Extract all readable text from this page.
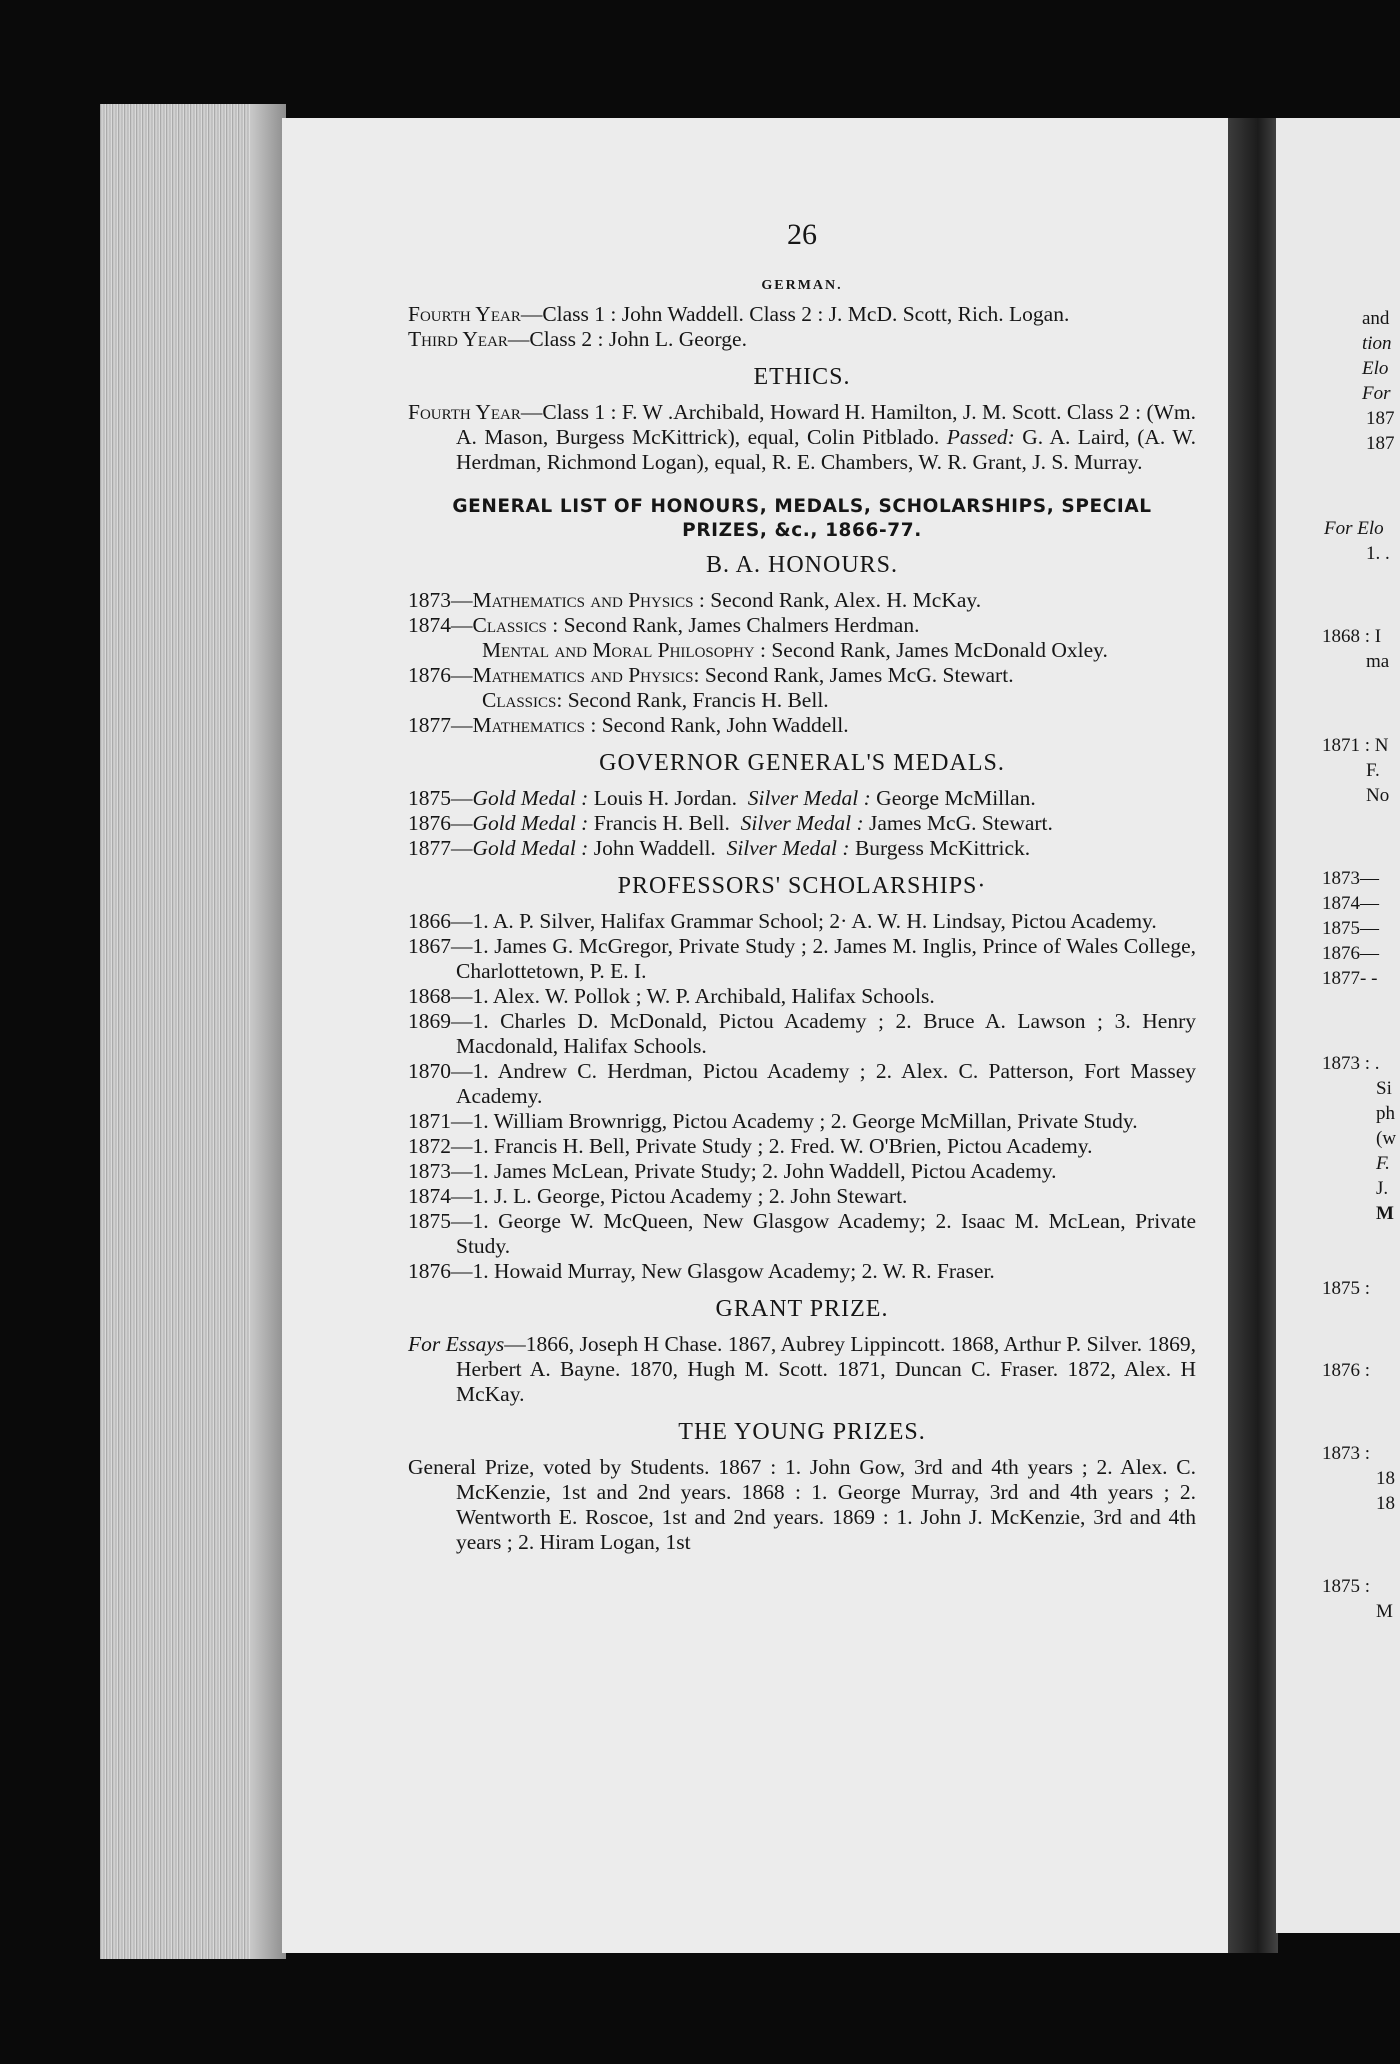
and
tion
Elo
For
187
187
For Elo
1. .
1868 : I
ma
1871 : N
F.
No
1873—
1874—
1875—
1876—
1877- -
1873 : .
Si
ph
(w
F.
J.
M
1875 :
1876 :
1873 :
18
18
1875 :
M
26
GERMAN.

Fourth Year—Class 1 : John Waddell. Class 2 : J. McD. Scott, Rich. Logan.

Third Year—Class 2 : John L. George.

ETHICS.

Fourth Year—Class 1 : F. W .Archibald, Howard H. Hamilton, J. M. Scott. Class 2 : (Wm. A. Mason, Burgess McKittrick), equal, Colin Pitblado. Passed: G. A. Laird, (A. W. Herdman, Richmond Logan), equal, R. E. Chambers, W. R. Grant, J. S. Murray.

GENERAL LIST OF HONOURS, MEDALS, SCHOLARSHIPS, SPECIAL PRIZES, &c., 1866-77.
B. A. HONOURS.

1873—Mathematics and Physics : Second Rank, Alex. H. McKay.

1874—Classics : Second Rank, James Chalmers Herdman.

Mental and Moral Philosophy : Second Rank, James McDonald Oxley.

1876—Mathematics and Physics: Second Rank, James McG. Stewart.

Classics: Second Rank, Francis H. Bell.

1877—Mathematics : Second Rank, John Waddell.

GOVERNOR GENERAL'S MEDALS.

1875—Gold Medal : Louis H. Jordan. Silver Medal : George McMillan.

1876—Gold Medal : Francis H. Bell. Silver Medal : James McG. Stewart.

1877—Gold Medal : John Waddell. Silver Medal : Burgess McKittrick.

PROFESSORS' SCHOLARSHIPS·

1866—1. A. P. Silver, Halifax Grammar School; 2· A. W. H. Lindsay, Pictou Academy.

1867—1. James G. McGregor, Private Study ; 2. James M. Inglis, Prince of Wales College, Charlottetown, P. E. I.

1868—1. Alex. W. Pollok ; W. P. Archibald, Halifax Schools.

1869—1. Charles D. McDonald, Pictou Academy ; 2. Bruce A. Lawson ; 3. Henry Macdonald, Halifax Schools.

1870—1. Andrew C. Herdman, Pictou Academy ; 2. Alex. C. Patterson, Fort Massey Academy.

1871—1. William Brownrigg, Pictou Academy ; 2. George McMillan, Private Study.

1872—1. Francis H. Bell, Private Study ; 2. Fred. W. O'Brien, Pictou Academy.

1873—1. James McLean, Private Study; 2. John Waddell, Pictou Academy.

1874—1. J. L. George, Pictou Academy ; 2. John Stewart.

1875—1. George W. McQueen, New Glasgow Academy; 2. Isaac M. McLean, Private Study.

1876—1. Howaid Murray, New Glasgow Academy; 2. W. R. Fraser.

GRANT PRIZE.

For Essays—1866, Joseph H Chase. 1867, Aubrey Lippincott. 1868, Arthur P. Silver. 1869, Herbert A. Bayne. 1870, Hugh M. Scott. 1871, Duncan C. Fraser. 1872, Alex. H McKay.

THE YOUNG PRIZES.

General Prize, voted by Students. 1867 : 1. John Gow, 3rd and 4th years ; 2. Alex. C. McKenzie, 1st and 2nd years. 1868 : 1. George Murray, 3rd and 4th years ; 2. Wentworth E. Roscoe, 1st and 2nd years. 1869 : 1. John J. McKenzie, 3rd and 4th years ; 2. Hiram Logan, 1st
